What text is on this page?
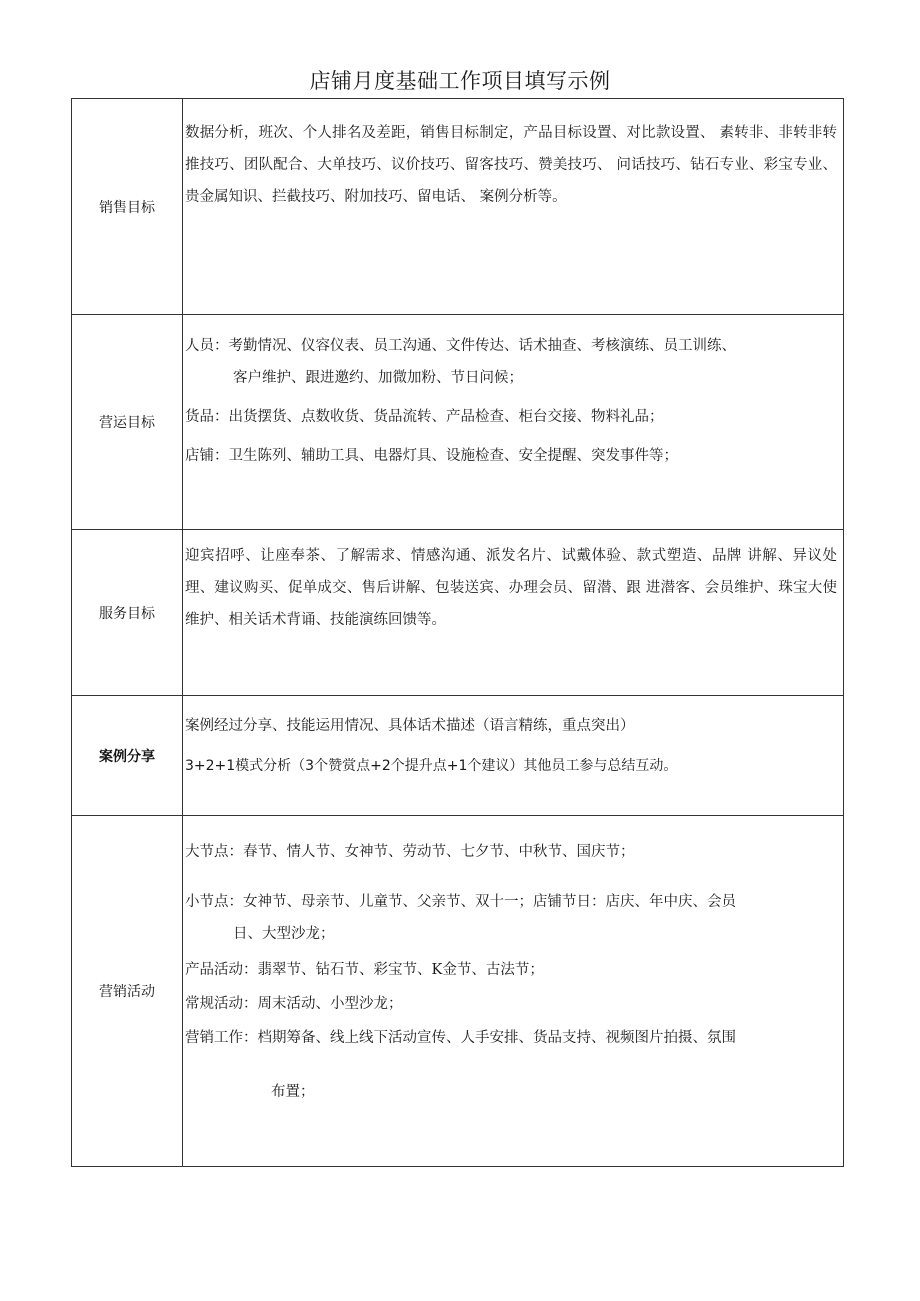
店铺月度基础工作项目填写示例
销售目标

数据分析，班次、个人排名及差距，销售目标制定，产品目标设置、对比款设置、 素转非、非转非转推技巧、团队配合、大单技巧、议价技巧、留客技巧、赞美技巧、 问话技巧、钻石专业、彩宝专业、贵金属知识、拦截技巧、附加技巧、留电话、 案例分析等。

营运目标

人员：考勤情况、仪容仪表、员工沟通、文件传达、话术抽查、考核演练、员工训练、

客户维护、跟进邀约、加微加粉、节日问候；

货品：出货摆货、点数收货、货品流转、产品检查、柜台交接、物料礼品；

店铺：卫生陈列、辅助工具、电器灯具、设施检查、安全提醒、突发事件等；

服务目标

迎宾招呼、让座奉茶、了解需求、情感沟通、派发名片、试戴体验、款式塑造、品牌 讲解、异议处理、建议购买、促单成交、售后讲解、包装送宾、办理会员、留潜、跟 进潜客、会员维护、珠宝大使维护、相关话术背诵、技能演练回馈等。

案例分享

案例经过分享、技能运用情况、具体话术描述（语言精练，重点突出）

3+2+1模式分析（3个赞赏点+2个提升点+1个建议）其他员工参与总结互动。

营销活动

大节点：春节、情人节、女神节、劳动节、七夕节、中秋节、国庆节；

小节点：女神节、母亲节、儿童节、父亲节、双十一；店铺节日：店庆、年中庆、会员

日、大型沙龙；

产品活动：翡翠节、钻石节、彩宝节、K金节、古法节；

常规活动：周末活动、小型沙龙；

营销工作：档期筹备、线上线下活动宣传、人手安排、货品支持、视频图片拍摄、氛围

布置；
